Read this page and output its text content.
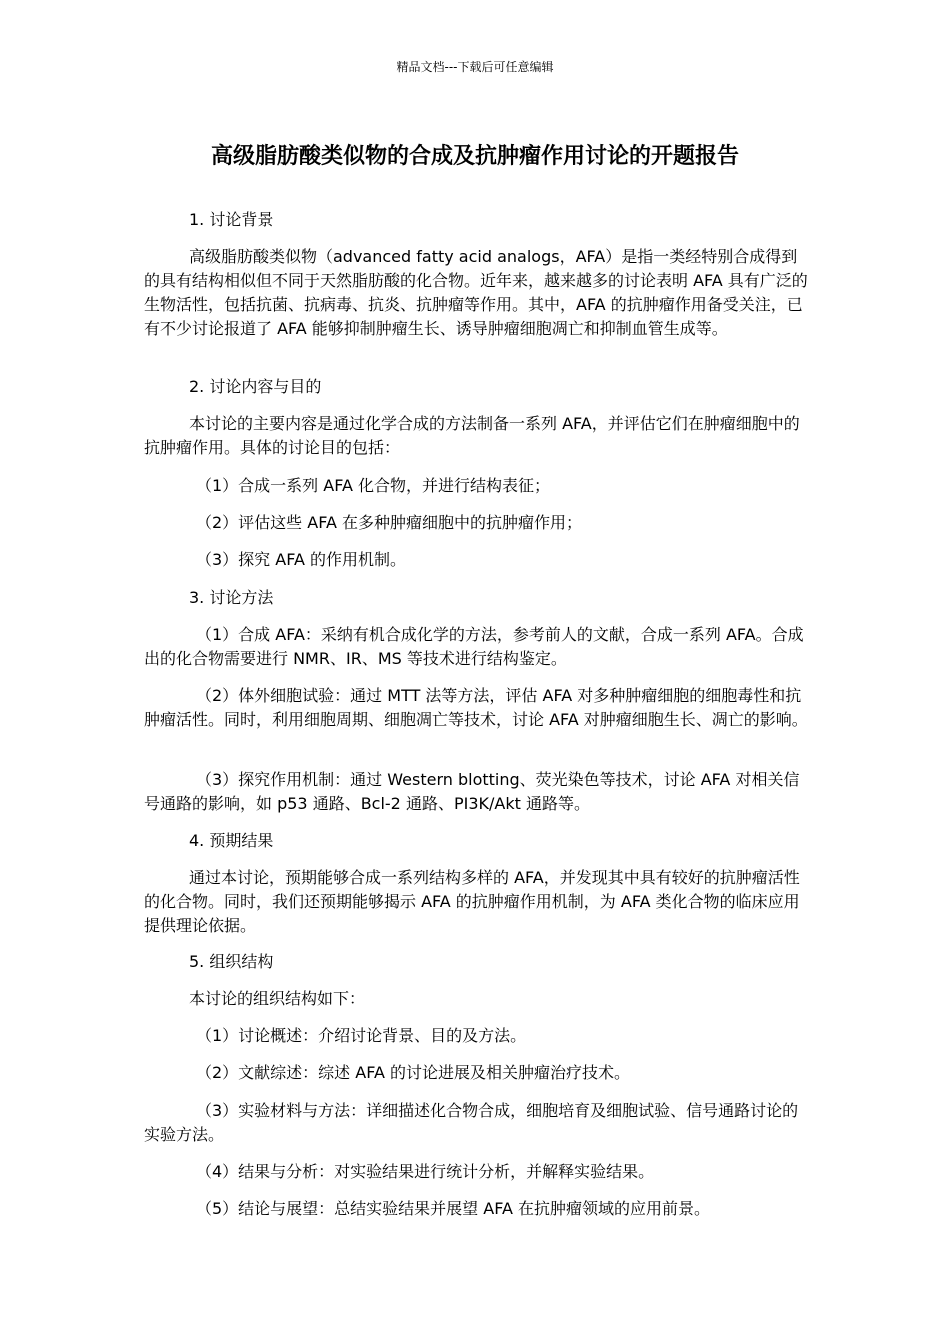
精品文档---下载后可任意编辑
高级脂肪酸类似物的合成及抗肿瘤作用讨论的开题报告

1. 讨论背景

高级脂肪酸类似物（advanced fatty acid analogs，AFA）是指一类经特别合成得到的具有结构相似但不同于天然脂肪酸的化合物。近年来，越来越多的讨论表明 AFA 具有广泛的生物活性，包括抗菌、抗病毒、抗炎、抗肿瘤等作用。其中，AFA 的抗肿瘤作用备受关注，已有不少讨论报道了 AFA 能够抑制肿瘤生长、诱导肿瘤细胞凋亡和抑制血管生成等。

2. 讨论内容与目的

本讨论的主要内容是通过化学合成的方法制备一系列 AFA，并评估它们在肿瘤细胞中的抗肿瘤作用。具体的讨论目的包括：

（1）合成一系列 AFA 化合物，并进行结构表征；

（2）评估这些 AFA 在多种肿瘤细胞中的抗肿瘤作用；

（3）探究 AFA 的作用机制。

3. 讨论方法

（1）合成 AFA：采纳有机合成化学的方法，参考前人的文献，合成一系列 AFA。合成出的化合物需要进行 NMR、IR、MS 等技术进行结构鉴定。

（2）体外细胞试验：通过 MTT 法等方法，评估 AFA 对多种肿瘤细胞的细胞毒性和抗肿瘤活性。同时，利用细胞周期、细胞凋亡等技术，讨论 AFA 对肿瘤细胞生长、凋亡的影响。

（3）探究作用机制：通过 Western blotting、荧光染色等技术，讨论 AFA 对相关信号通路的影响，如 p53 通路、Bcl-2 通路、PI3K/Akt 通路等。

4. 预期结果

通过本讨论，预期能够合成一系列结构多样的 AFA，并发现其中具有较好的抗肿瘤活性的化合物。同时，我们还预期能够揭示 AFA 的抗肿瘤作用机制，为 AFA 类化合物的临床应用提供理论依据。

5. 组织结构

本讨论的组织结构如下：

（1）讨论概述：介绍讨论背景、目的及方法。

（2）文献综述：综述 AFA 的讨论进展及相关肿瘤治疗技术。

（3）实验材料与方法：详细描述化合物合成，细胞培育及细胞试验、信号通路讨论的实验方法。

（4）结果与分析：对实验结果进行统计分析，并解释实验结果。

（5）结论与展望：总结实验结果并展望 AFA 在抗肿瘤领域的应用前景。
